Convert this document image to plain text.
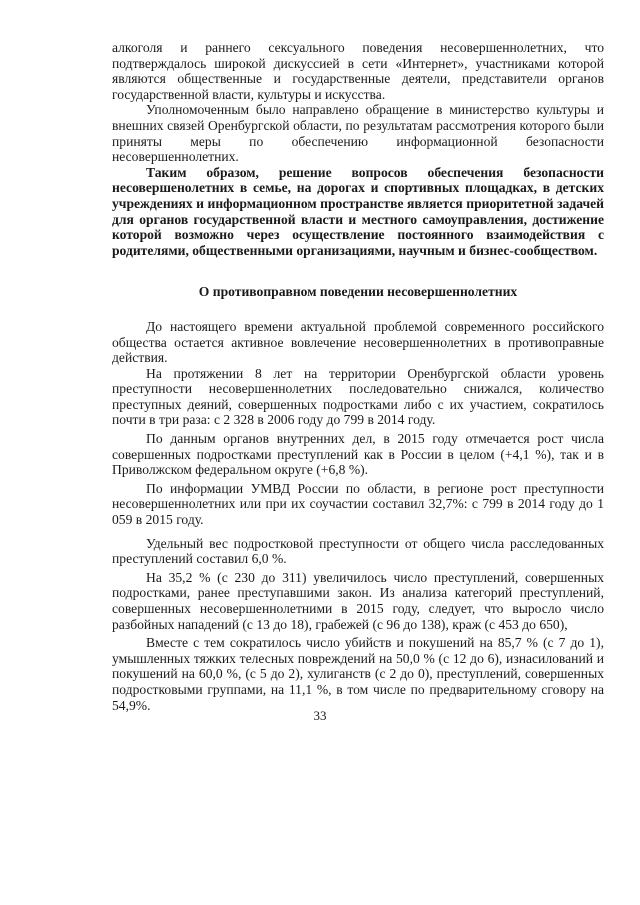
алкоголя и раннего сексуального поведения несовершеннолетних, что подтверждалось широкой дискуссией в сети «Интернет», участниками которой являются общественные и государственные деятели, представители органов государственной власти, культуры и искусства.

Уполномоченным было направлено обращение в министерство культуры и внешних связей Оренбургской области, по результатам рассмотрения которого были приняты меры по обеспечению информационной безопасности несовершеннолетних.

Таким образом, решение вопросов обеспечения безопасности несовершенолетних в семье, на дорогах и спортивных площадках, в детских учреждениях и информационном пространстве является приоритетной задачей для органов государственной власти и местного самоуправления, достижение которой возможно через осуществление постоянного взаимодействия с родителями, общественными организациями, научным и бизнес-сообществом.

О противоправном поведении несовершеннолетних

До настоящего времени актуальной проблемой современного российского общества остается активное вовлечение несовершеннолетних в противоправные действия.

На протяжении 8 лет на территории Оренбургской области уровень преступности несовершеннолетних последовательно снижался, количество преступных деяний, совершенных подростками либо с их участием, сократилось почти в три раза: с 2 328 в 2006 году до 799 в 2014 году.

По данным органов внутренних дел, в 2015 году отмечается рост числа совершенных подростками преступлений как в России в целом (+4,1 %), так и в Приволжском федеральном округе (+6,8 %).

По информации УМВД России по области, в регионе рост преступности несовершеннолетних или при их соучастии составил 32,7%: с 799 в 2014 году до 1 059 в 2015 году.

Удельный вес подростковой преступности от общего числа расследованных преступлений составил 6,0 %.

На 35,2 % (с 230 до 311) увеличилось число преступлений, совершенных подростками, ранее преступавшими закон. Из анализа категорий преступлений, совершенных несовершеннолетними в 2015 году, следует, что выросло число разбойных нападений (с 13 до 18), грабежей (с 96 до 138), краж (с 453 до 650),

Вместе с тем сократилось число убийств и покушений на 85,7 % (с 7 до 1), умышленных тяжких телесных повреждений на 50,0 % (с 12 до 6), изнасилований и покушений на 60,0 %, (с 5 до 2), хулиганств (с 2 до 0), преступлений, совершенных подростковыми группами, на 11,1 %, в том числе по предварительному сговору на 54,9%.

33
